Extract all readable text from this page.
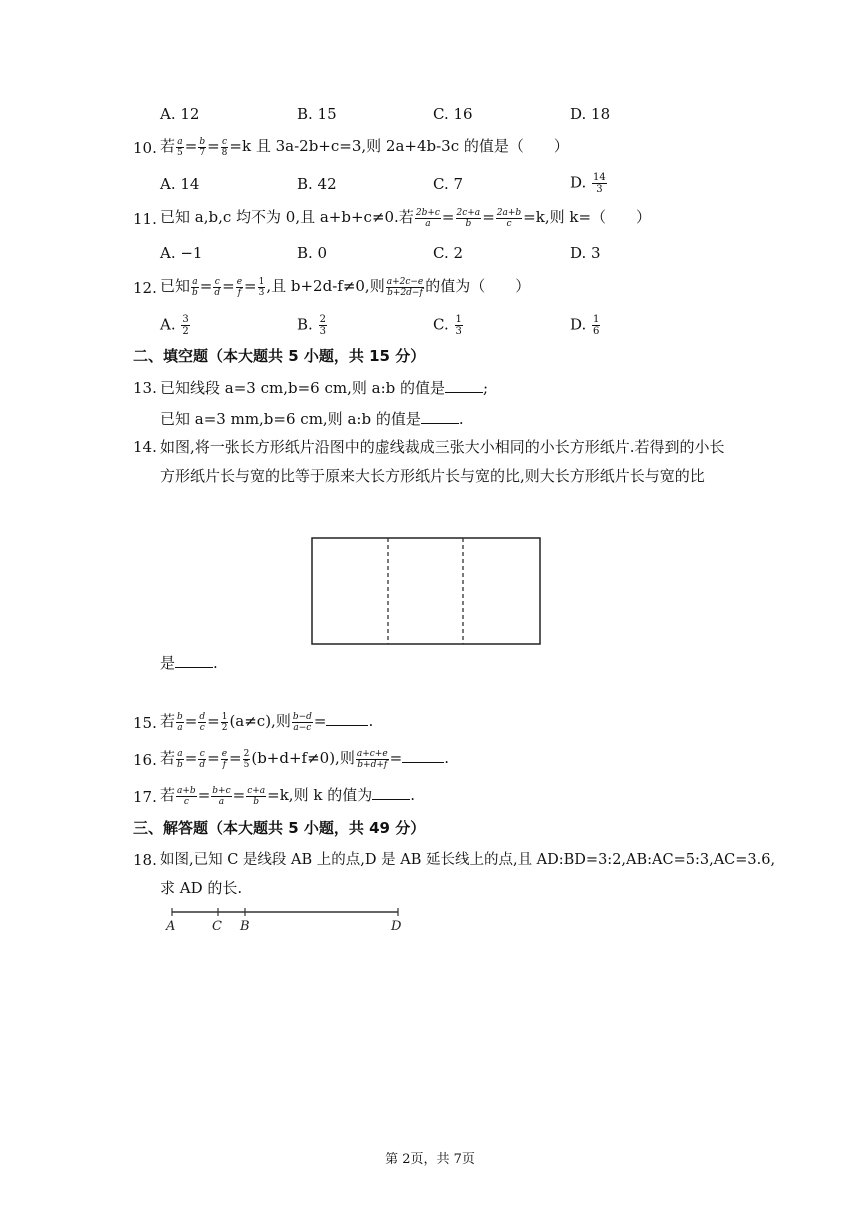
A. 12	B. 15	C. 16	D. 18
10. 若 $\frac{a}{5} = \frac{b}{7} = \frac{c}{8} =k$ 且 3a-2b+c=3,则 2a+4b-3c 的值是（　　）
A. 14	B. 42	C. 7	D. $\frac{14}{3}$
11. 已知 a,b,c 均不为 0,且 a+b+c≠0.若 $\frac{2b+c}{a} = \frac{2c+a}{b} = \frac{2a+b}{c} =k$,则 k=（　　）
A. −1	B. 0	C. 2	D. 3
12. 已知 $\frac{a}{b} = \frac{c}{d} = \frac{e}{f} = \frac{1}{3}$ ,且 b+2d-f≠0,则 $\frac{a+2c-e}{b+2d-f}$ 的值为（　　）
A. $\frac{3}{2}$	B. $\frac{2}{3}$	C. $\frac{1}{3}$	D. $\frac{1}{6}$
二、填空题（本大题共 5 小题，共 15 分）
13. 已知线段 a=3 cm,b=6 cm,则 a:b 的值是	;
已知 a=3 mm,b=6 cm,则 a:b 的值是	.
14. 如图,将一张长方形纸片沿图中的虚线裁成三张大小相同的小长方形纸片.若得到的小长
方形纸片长与宽的比等于原来大长方形纸片长与宽的比,则大长方形纸片长与宽的比
是	.
15. 若 $\frac{b}{a} = \frac{d}{c} = \frac{1}{2} (a\ne c)$,则 $\frac{b-d}{a-c}$ =	.
16. 若 $\frac{a}{b} = \frac{c}{d} = \frac{e}{f} = \frac{2}{5} (b+d+f\ne 0)$,则 $\frac{a+c+e}{b+d+f}$ =	.
17. 若 $\frac{a+b}{c} = \frac{b+c}{a} = \frac{c+a}{b} =k$,则 k 的值为	.
三、解答题（本大题共 5 小题，共 49 分）
18. 如图,已知 C 是线段 AB 上的点,D 是 AB 延长线上的点,且 AD:BD=3:2,AB:AC=5:3,AC=3.6,
求 AD 的长.
A	C B	D
第 2页，共 7页
